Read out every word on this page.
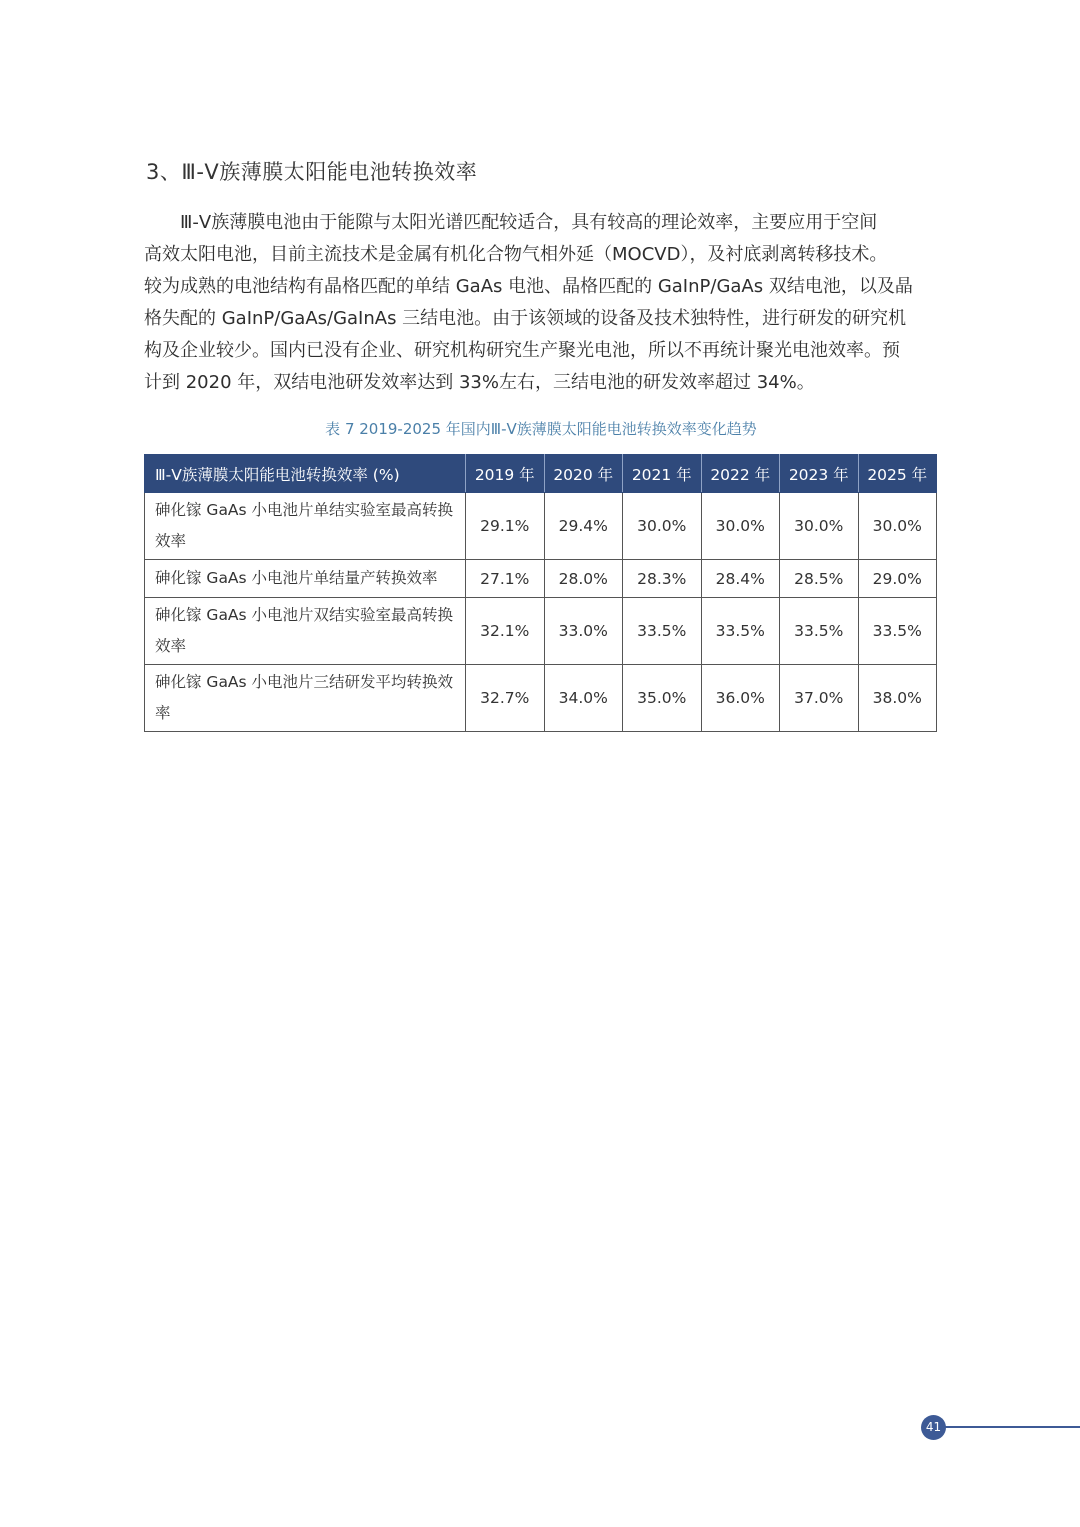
3、Ⅲ-Ⅴ族薄膜太阳能电池转换效率
Ⅲ-Ⅴ族薄膜电池由于能隙与太阳光谱匹配较适合，具有较高的理论效率，主要应用于空间
高效太阳电池，目前主流技术是金属有机化合物气相外延（MOCVD），及衬底剥离转移技术。
较为成熟的电池结构有晶格匹配的单结 GaAs 电池、晶格匹配的 GaInP/GaAs 双结电池，以及晶
格失配的 GaInP/GaAs/GaInAs 三结电池。由于该领域的设备及技术独特性，进行研发的研究机
构及企业较少。国内已没有企业、研究机构研究生产聚光电池，所以不再统计聚光电池效率。预
计到 2020 年，双结电池研发效率达到 33%左右，三结电池的研发效率超过 34%。
表 7 2019-2025 年国内Ⅲ-Ⅴ族薄膜太阳能电池转换效率变化趋势
Ⅲ-Ⅴ族薄膜太阳能电池转换效率 (%)	2019 年	2020 年	2021 年	2022 年	2023 年	2025 年
砷化镓 GaAs 小电池片单结实验室最高转换效率	29.1%	29.4%	30.0%	30.0%	30.0%	30.0%
砷化镓 GaAs 小电池片单结量产转换效率	27.1%	28.0%	28.3%	28.4%	28.5%	29.0%
砷化镓 GaAs 小电池片双结实验室最高转换效率	32.1%	33.0%	33.5%	33.5%	33.5%	33.5%
砷化镓 GaAs 小电池片三结研发平均转换效率	32.7%	34.0%	35.0%	36.0%	37.0%	38.0%
41
